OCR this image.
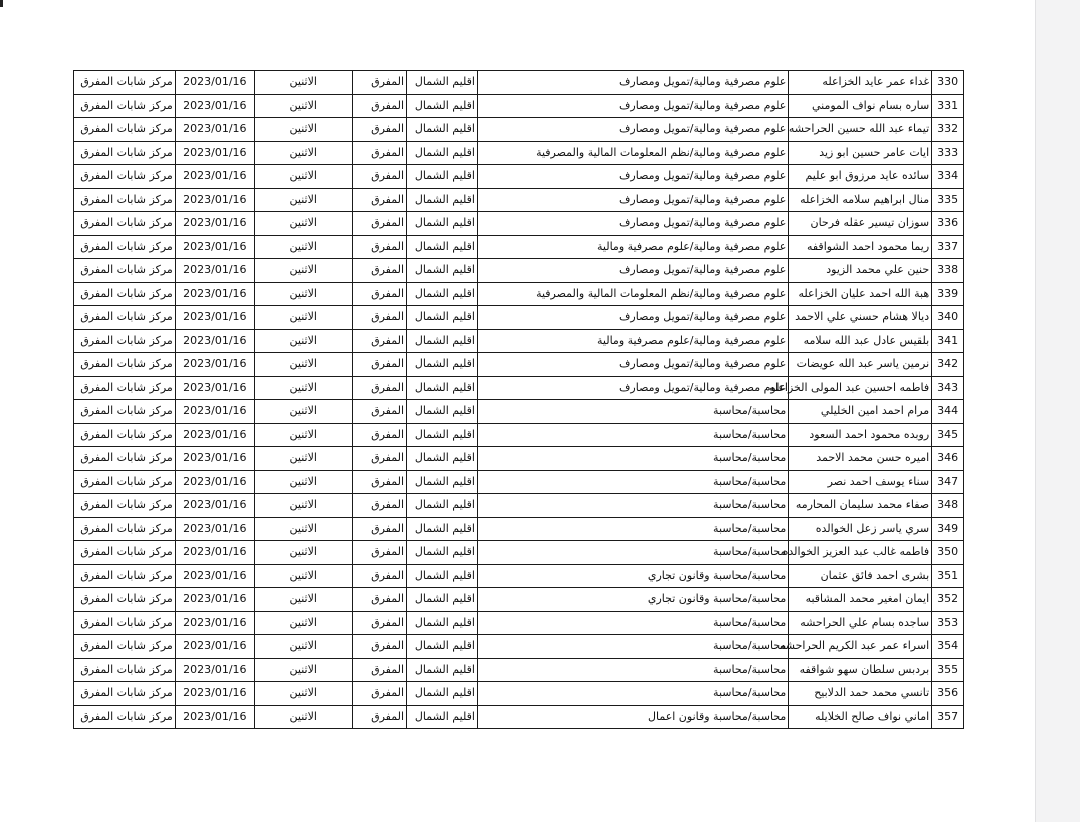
330	غداء عمر عايد الخزاعله	علوم مصرفية ومالية/تمويل ومصارف	اقليم الشمال	المفرق	الاثنين	2023/01/16	مركز شابات المفرق
331	ساره بسام نواف المومني	علوم مصرفية ومالية/تمويل ومصارف	اقليم الشمال	المفرق	الاثنين	2023/01/16	مركز شابات المفرق
332	تيماء عبد الله حسين الحراحشه	علوم مصرفية ومالية/تمويل ومصارف	اقليم الشمال	المفرق	الاثنين	2023/01/16	مركز شابات المفرق
333	ايات عامر حسين ابو زيد	علوم مصرفية ومالية/نظم المعلومات المالية والمصرفية	اقليم الشمال	المفرق	الاثنين	2023/01/16	مركز شابات المفرق
334	سائده عايد مرزوق ابو عليم	علوم مصرفية ومالية/تمويل ومصارف	اقليم الشمال	المفرق	الاثنين	2023/01/16	مركز شابات المفرق
335	منال ابراهيم سلامه الخزاعله	علوم مصرفية ومالية/تمويل ومصارف	اقليم الشمال	المفرق	الاثنين	2023/01/16	مركز شابات المفرق
336	سوزان تيسير عقله فرحان	علوم مصرفية ومالية/تمويل ومصارف	اقليم الشمال	المفرق	الاثنين	2023/01/16	مركز شابات المفرق
337	ريما محمود احمد الشواقفه	علوم مصرفية ومالية/علوم مصرفية ومالية	اقليم الشمال	المفرق	الاثنين	2023/01/16	مركز شابات المفرق
338	حنين علي محمد الزيود	علوم مصرفية ومالية/تمويل ومصارف	اقليم الشمال	المفرق	الاثنين	2023/01/16	مركز شابات المفرق
339	هبة الله احمد عليان الخزاعله	علوم مصرفية ومالية/نظم المعلومات المالية والمصرفية	اقليم الشمال	المفرق	الاثنين	2023/01/16	مركز شابات المفرق
340	ديالا هشام حسني علي الاحمد	علوم مصرفية ومالية/تمويل ومصارف	اقليم الشمال	المفرق	الاثنين	2023/01/16	مركز شابات المفرق
341	بلقيس عادل عبد الله سلامه	علوم مصرفية ومالية/علوم مصرفية ومالية	اقليم الشمال	المفرق	الاثنين	2023/01/16	مركز شابات المفرق
342	نرمين ياسر عبد الله عويضات	علوم مصرفية ومالية/تمويل ومصارف	اقليم الشمال	المفرق	الاثنين	2023/01/16	مركز شابات المفرق
343	فاطمه احسين عبد المولى الخزاعله	علوم مصرفية ومالية/تمويل ومصارف	اقليم الشمال	المفرق	الاثنين	2023/01/16	مركز شابات المفرق
344	مرام احمد امين الخليلي	محاسبة/محاسبة	اقليم الشمال	المفرق	الاثنين	2023/01/16	مركز شابات المفرق
345	روبده محمود احمد السعود	محاسبة/محاسبة	اقليم الشمال	المفرق	الاثنين	2023/01/16	مركز شابات المفرق
346	اميره حسن محمد الاحمد	محاسبة/محاسبة	اقليم الشمال	المفرق	الاثنين	2023/01/16	مركز شابات المفرق
347	سناء يوسف احمد نصر	محاسبة/محاسبة	اقليم الشمال	المفرق	الاثنين	2023/01/16	مركز شابات المفرق
348	صفاء محمد سليمان المحارمه	محاسبة/محاسبة	اقليم الشمال	المفرق	الاثنين	2023/01/16	مركز شابات المفرق
349	سري ياسر زعل الخوالده	محاسبة/محاسبة	اقليم الشمال	المفرق	الاثنين	2023/01/16	مركز شابات المفرق
350	فاطمه غالب عبد العزيز الخوالده	محاسبة/محاسبة	اقليم الشمال	المفرق	الاثنين	2023/01/16	مركز شابات المفرق
351	بشرى احمد فائق عثمان	محاسبة/محاسبة وقانون تجاري	اقليم الشمال	المفرق	الاثنين	2023/01/16	مركز شابات المفرق
352	ايمان امغير محمد المشاقبه	محاسبة/محاسبة وقانون تجاري	اقليم الشمال	المفرق	الاثنين	2023/01/16	مركز شابات المفرق
353	ساجده بسام علي الحراحشه	محاسبة/محاسبة	اقليم الشمال	المفرق	الاثنين	2023/01/16	مركز شابات المفرق
354	اسراء عمر عبد الكريم الحراحشه	محاسبة/محاسبة	اقليم الشمال	المفرق	الاثنين	2023/01/16	مركز شابات المفرق
355	بردبس سلطان سهو شواقفه	محاسبة/محاسبة	اقليم الشمال	المفرق	الاثنين	2023/01/16	مركز شابات المفرق
356	تانسي محمد حمد الدلابيح	محاسبة/محاسبة	اقليم الشمال	المفرق	الاثنين	2023/01/16	مركز شابات المفرق
357	اماني نواف صالح الخلايله	محاسبة/محاسبة وقانون اعمال	اقليم الشمال	المفرق	الاثنين	2023/01/16	مركز شابات المفرق
